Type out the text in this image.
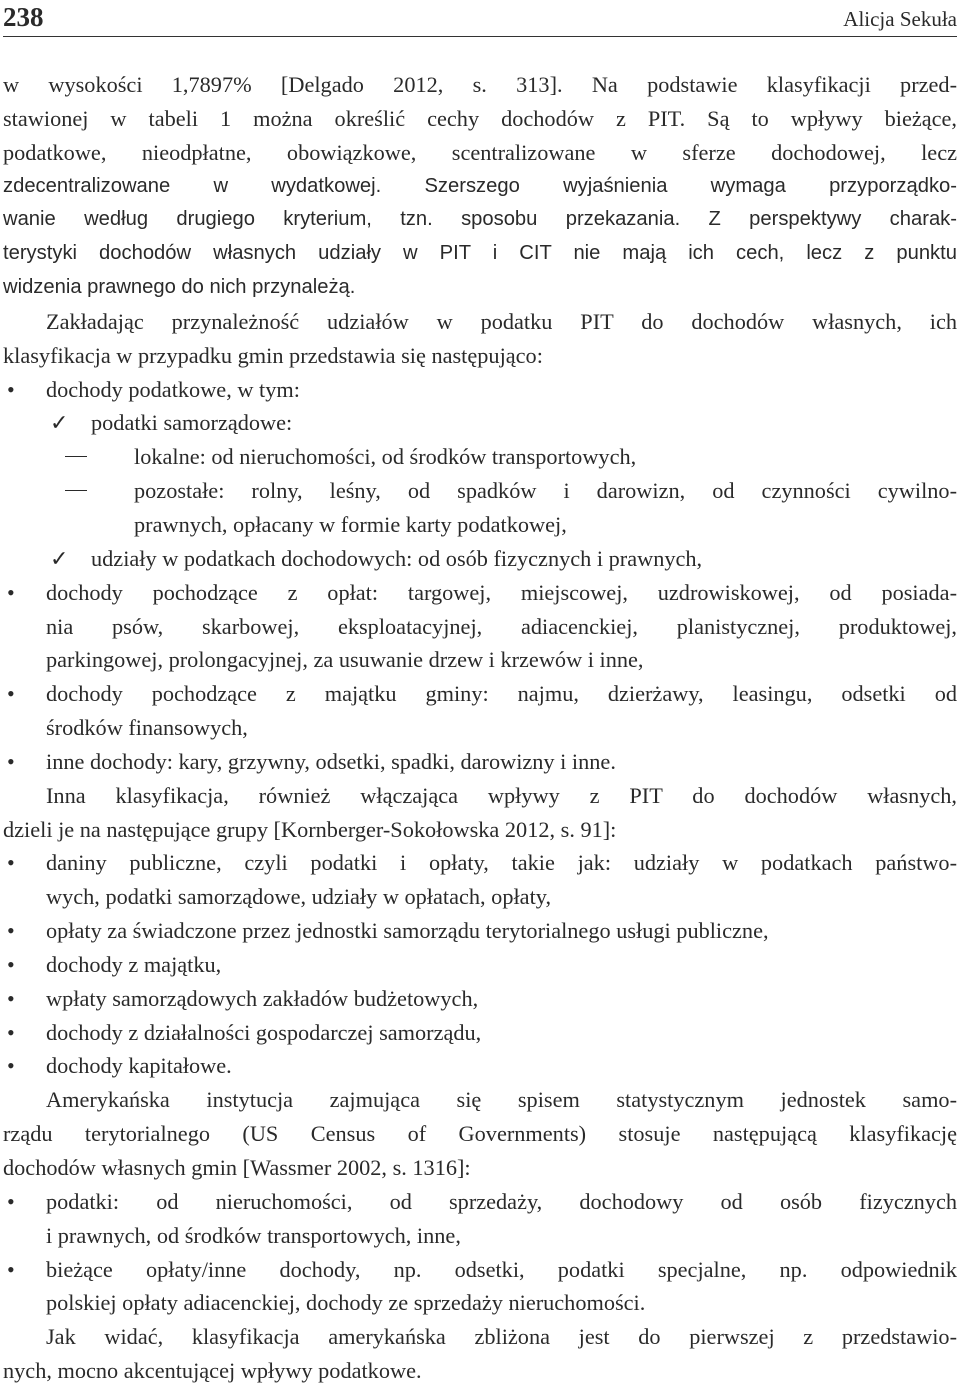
238	Alicja Sekuła
w wysokości 1,7897% [Delgado 2012, s. 313]. Na podstawie klasyfikacji przed-
stawionej w tabeli 1 można określić cechy dochodów z PIT. Są to wpływy bieżące,
podatkowe, nieodpłatne, obowiązkowe, scentralizowane w sferze dochodowej, lecz
zdecentralizowane w wydatkowej. Szerszego wyjaśnienia wymaga przyporządko-
wanie według drugiego kryterium, tzn. sposobu przekazania. Z perspektywy charak-
terystyki dochodów własnych udziały w PIT i CIT nie mają ich cech, lecz z punktu
widzenia prawnego do nich przynależą.
Zakładając przynależność udziałów w podatku PIT do dochodów własnych, ich
klasyfikacja w przypadku gmin przedstawia się następująco:
• dochody podatkowe, w tym:
✓ podatki samorządowe:
lokalne: od nieruchomości, od środków transportowych,
pozostałe: rolny, leśny, od spadków i darowizn, od czynności cywilno-
prawnych, opłacany w formie karty podatkowej,
✓ udziały w podatkach dochodowych: od osób fizycznych i prawnych,
• dochody pochodzące z opłat: targowej, miejscowej, uzdrowiskowej, od posiada-
nia psów, skarbowej, eksploatacyjnej, adiacenckiej, planistycznej, produktowej,
parkingowej, prolongacyjnej, za usuwanie drzew i krzewów i inne,
• dochody pochodzące z majątku gminy: najmu, dzierżawy, leasingu, odsetki od
środków finansowych,
• inne dochody: kary, grzywny, odsetki, spadki, darowizny i inne.
Inna klasyfikacja, również włączająca wpływy z PIT do dochodów własnych,
dzieli je na następujące grupy [Kornberger-Sokołowska 2012, s. 91]:
• daniny publiczne, czyli podatki i opłaty, takie jak: udziały w podatkach państwo-
wych, podatki samorządowe, udziały w opłatach, opłaty,
• opłaty za świadczone przez jednostki samorządu terytorialnego usługi publiczne,
• dochody z majątku,
• wpłaty samorządowych zakładów budżetowych,
• dochody z działalności gospodarczej samorządu,
• dochody kapitałowe.
Amerykańska instytucja zajmująca się spisem statystycznym jednostek samo-
rządu terytorialnego (US Census of Governments) stosuje następującą klasyfikację
dochodów własnych gmin [Wassmer 2002, s. 1316]:
• podatki: od nieruchomości, od sprzedaży, dochodowy od osób fizycznych
i prawnych, od środków transportowych, inne,
• bieżące opłaty/inne dochody, np. odsetki, podatki specjalne, np. odpowiednik
polskiej opłaty adiacenckiej, dochody ze sprzedaży nieruchomości.
Jak widać, klasyfikacja amerykańska zbliżona jest do pierwszej z przedstawio-
nych, mocno akcentującej wpływy podatkowe.
